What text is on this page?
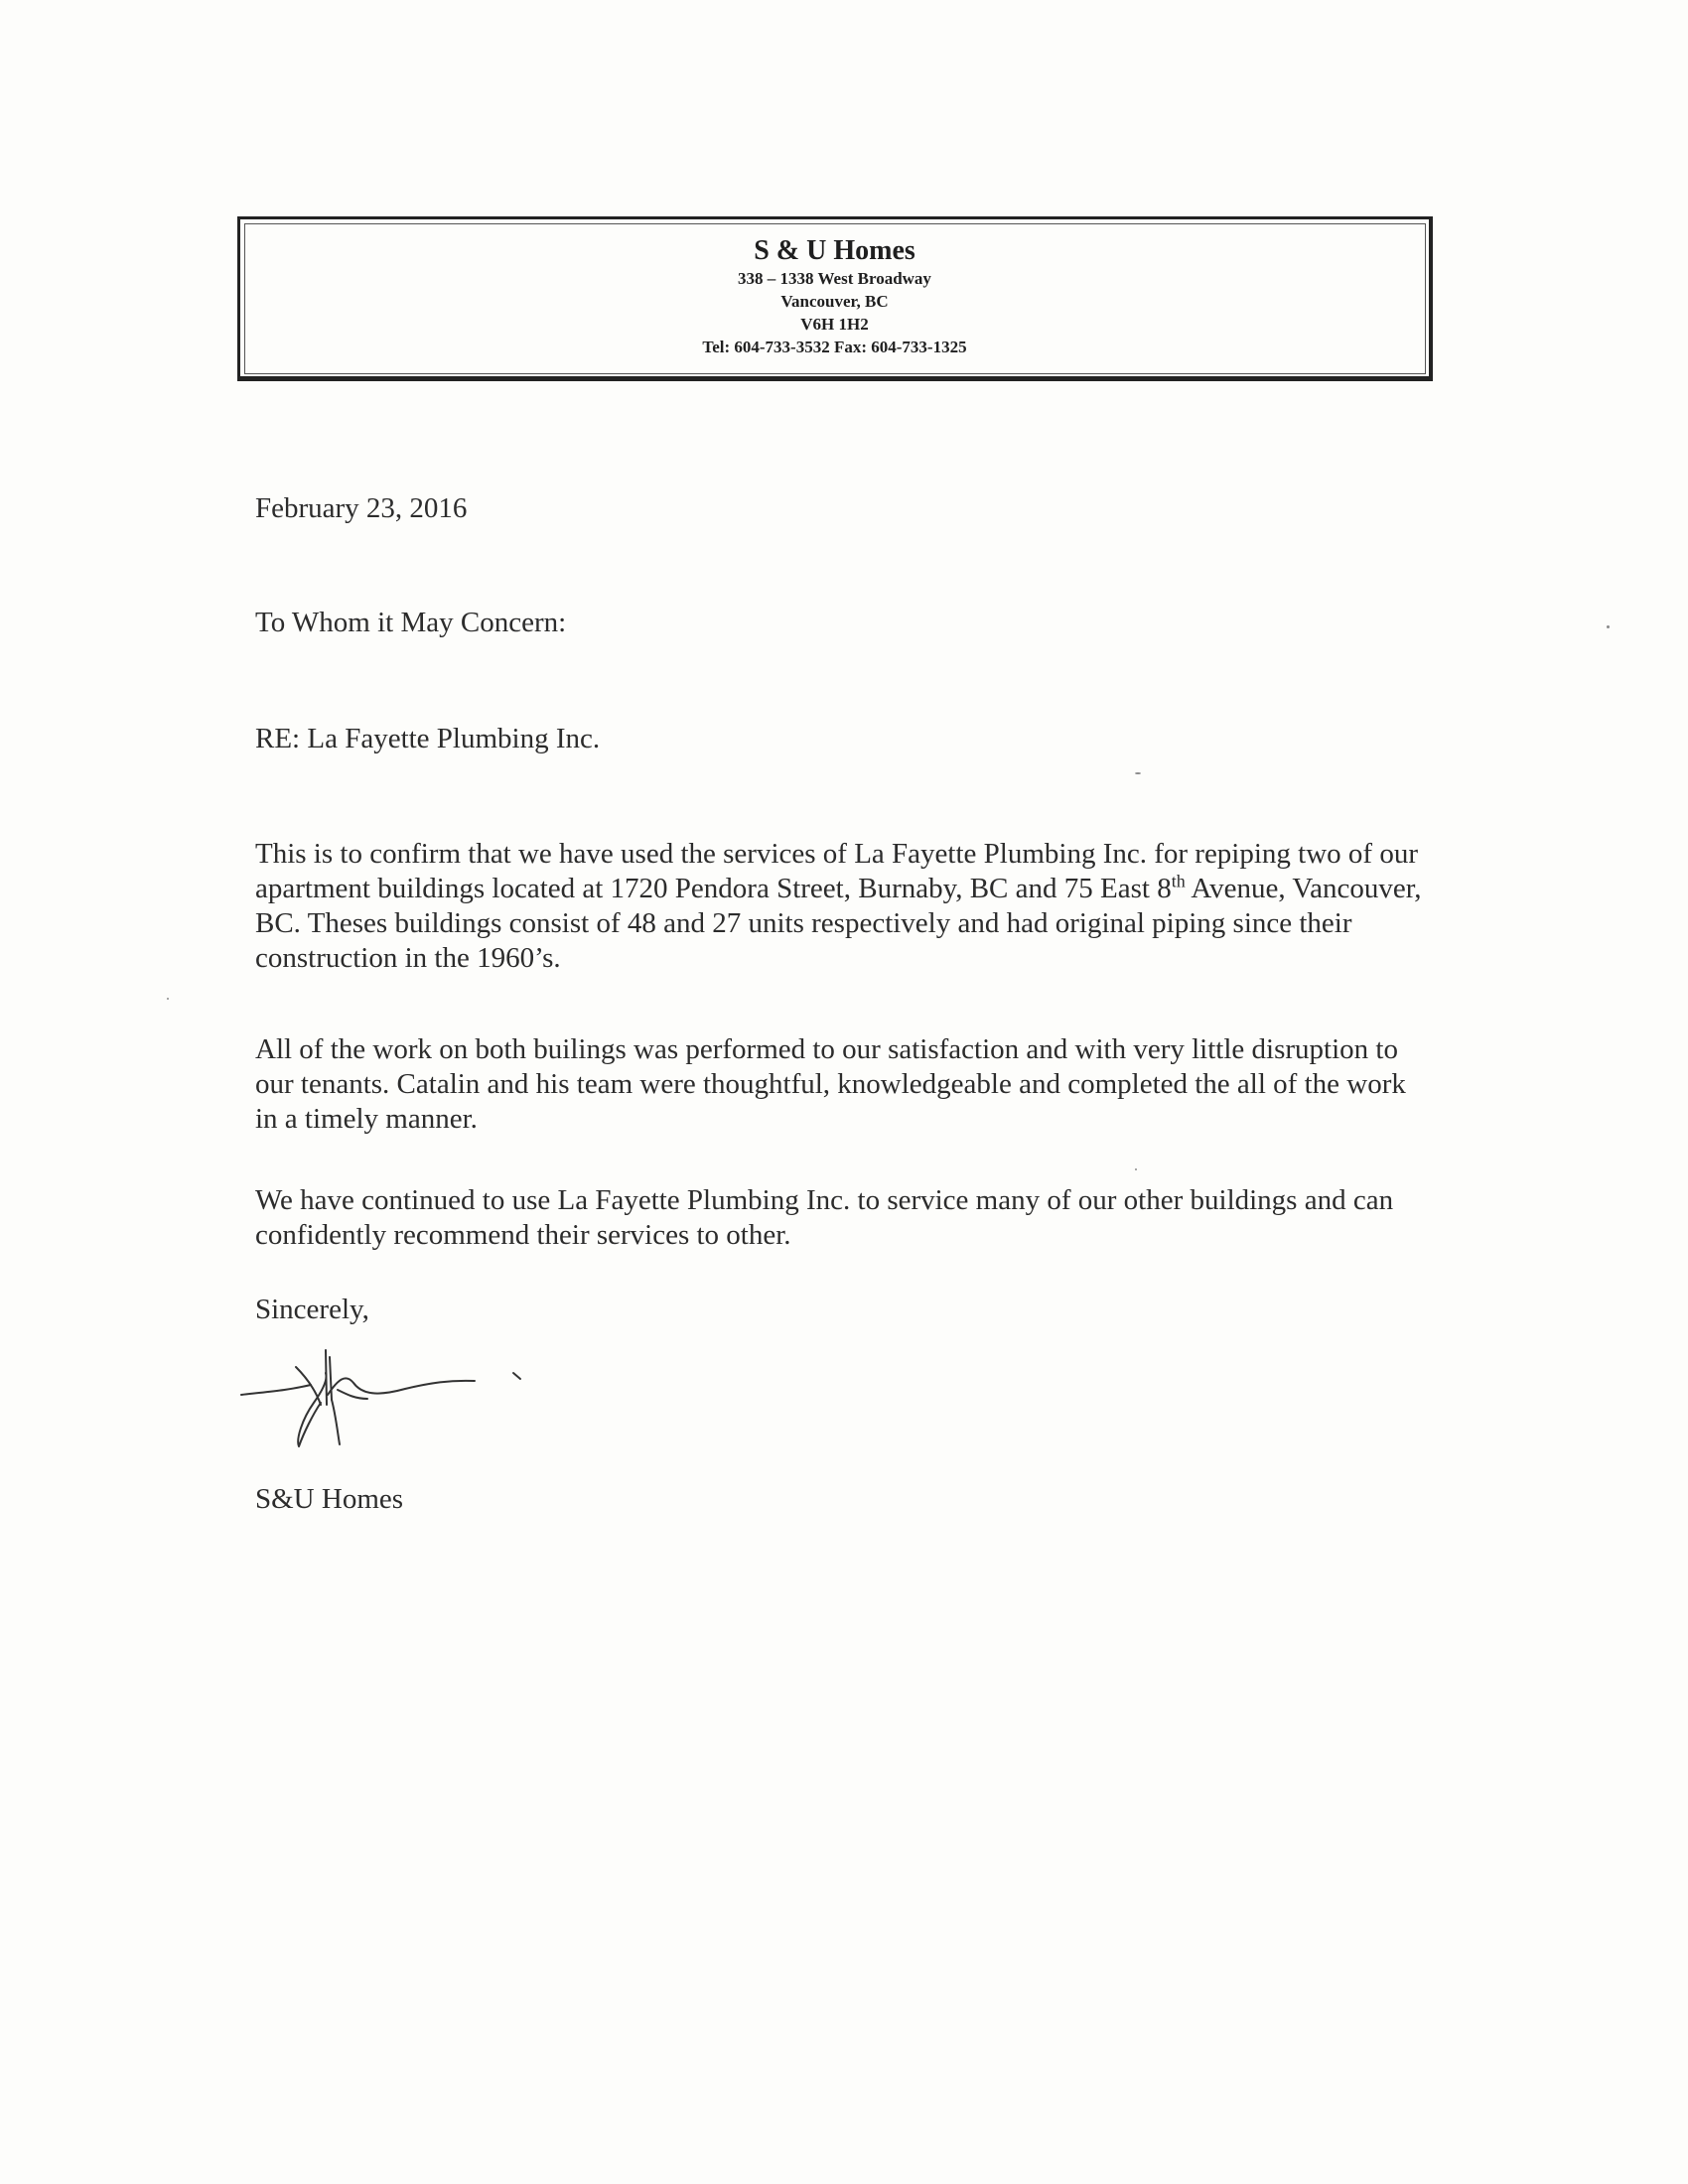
S & U Homes
338 – 1338 West Broadway
Vancouver, BC
V6H 1H2
Tel: 604-733-3532 Fax: 604-733-1325
February 23, 2016
To Whom it May Concern:
RE: La Fayette Plumbing Inc.
This is to confirm that we have used the services of La Fayette Plumbing Inc. for repiping two of our apartment buildings located at 1720 Pendora Street, Burnaby, BC and 75 East 8th Avenue, Vancouver, BC. Theses buildings consist of 48 and 27 units respectively and had original piping since their construction in the 1960’s.
All of the work on both builings was performed to our satisfaction and with very little disruption to our tenants. Catalin and his team were thoughtful, knowledgeable and completed the all of the work in a timely manner.
We have continued to use La Fayette Plumbing Inc. to service many of our other buildings and can confidently recommend their services to other.
Sincerely,
S&U Homes
